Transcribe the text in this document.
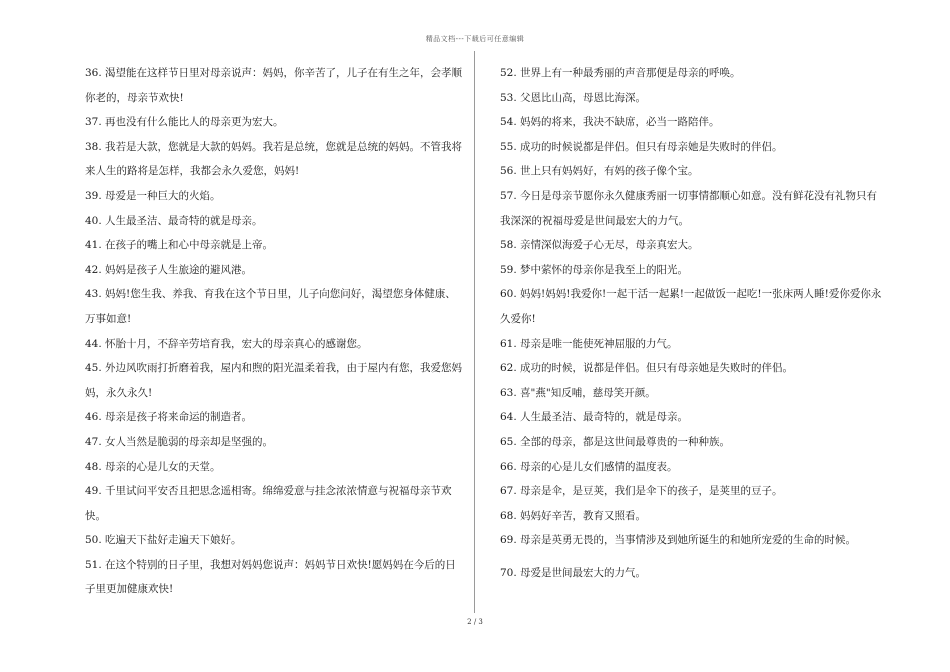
精品文档---下载后可任意编辑

36. 渴望能在这样节日里对母亲说声：妈妈，你辛苦了，儿子在有生之年，会孝顺你老的，母亲节欢快!

37. 再也没有什么能比人的母亲更为宏大。

38. 我若是大款，您就是大款的妈妈。我若是总统，您就是总统的妈妈。不管我将来人生的路将是怎样，我都会永久爱您，妈妈!

39. 母爱是一种巨大的火焰。

40. 人生最圣洁、最奇特的就是母亲。

41. 在孩子的嘴上和心中母亲就是上帝。

42. 妈妈是孩子人生旅途的避风港。

43. 妈妈!您生我、养我、育我在这个节日里，儿子向您问好，渴望您身体健康、万事如意!

44. 怀胎十月，不辞辛劳培育我，宏大的母亲真心的感谢您。

45. 外边风吹雨打折磨着我，屋内和煦的阳光温柔着我，由于屋内有您，我爱您妈妈，永久永久!

46. 母亲是孩子将来命运的制造者。

47. 女人当然是脆弱的母亲却是坚强的。

48. 母亲的心是儿女的天堂。

49. 千里试问平安否且把思念遥相寄。绵绵爱意与挂念浓浓情意与祝福母亲节欢快。

50. 吃遍天下盐好走遍天下娘好。

51. 在这个特别的日子里，我想对妈妈您说声：妈妈节日欢快!愿妈妈在今后的日子里更加健康欢快!

52. 世界上有一种最秀丽的声音那便是母亲的呼唤。

53. 父恩比山高，母恩比海深。

54. 妈妈的将来，我决不缺席，必当一路陪伴。

55. 成功的时候说都是伴侣。但只有母亲她是失败时的伴侣。

56. 世上只有妈妈好，有妈的孩子像个宝。

57. 今日是母亲节愿你永久健康秀丽一切事情都顺心如意。没有鲜花没有礼物只有我深深的祝福母爱是世间最宏大的力气。

58. 亲情深似海爱子心无尽，母亲真宏大。

59. 梦中萦怀的母亲你是我至上的阳光。

60. 妈妈!妈妈!我爱你!一起干活一起累!一起做饭一起吃!一张床两人睡!爱你爱你永久爱你!

61. 母亲是唯一能使死神屈服的力气。

62. 成功的时候，说都是伴侣。但只有母亲她是失败时的伴侣。

63. 喜"燕"知反哺，慈母笑开颜。

64. 人生最圣洁、最奇特的，就是母亲。

65. 全部的母亲，都是这世间最尊贵的一种种族。

66. 母亲的心是儿女们感情的温度表。

67. 母亲是伞，是豆荚，我们是伞下的孩子，是荚里的豆子。

68. 妈妈好辛苦，教育又照看。

69. 母亲是英勇无畏的，当事情涉及到她所诞生的和她所宠爱的生命的时候。

70. 母爱是世间最宏大的力气。

2 / 3
